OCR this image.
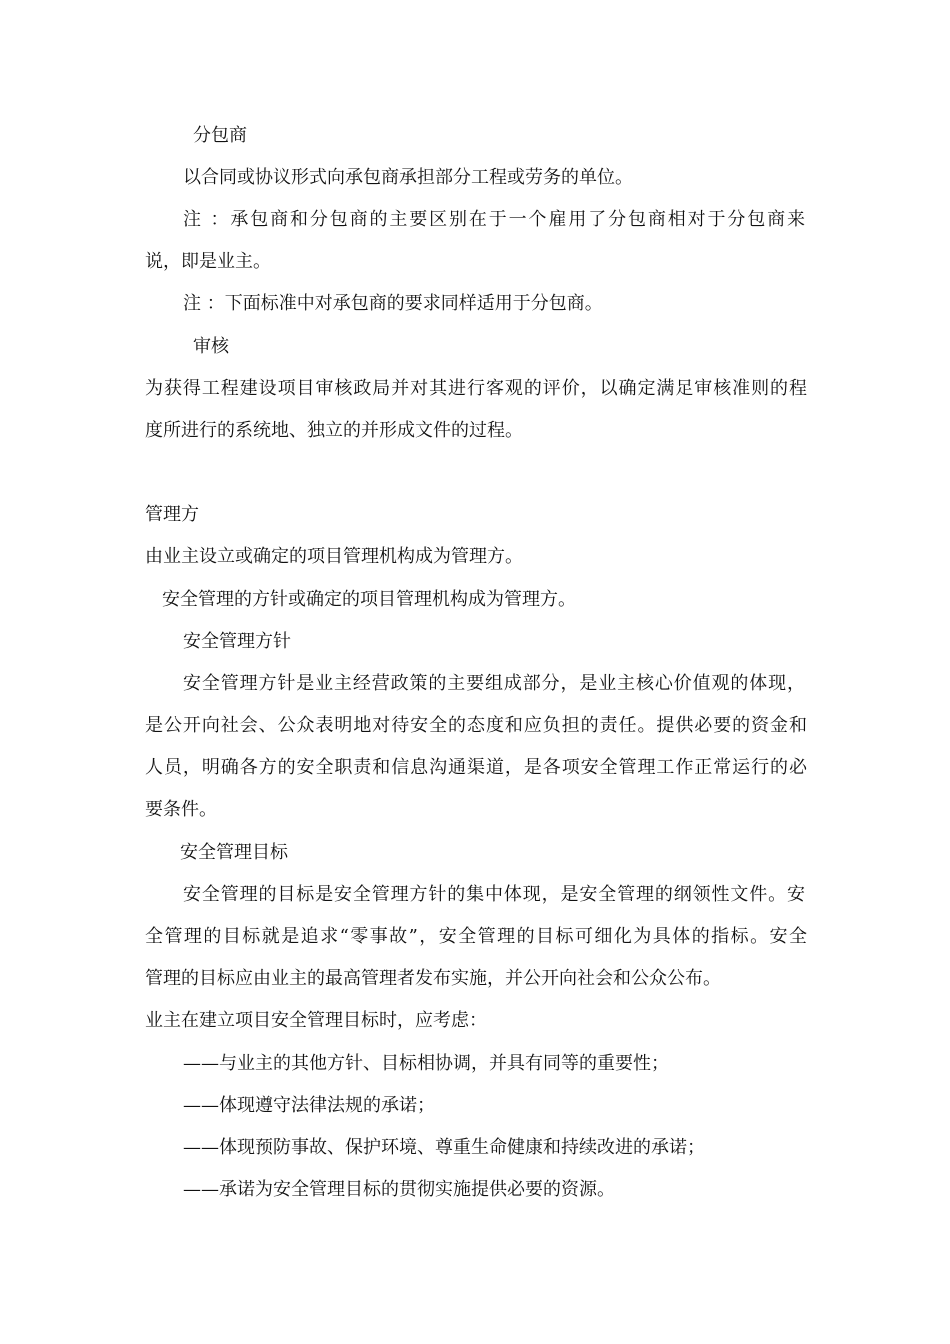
分包商
以合同或协议形式向承包商承担部分工程或劳务的单位。
注 ：承包商和分包商的主要区别在于一个雇用了分包商相对于分包商来
说，即是业主。
注 ：下面标准中对承包商的要求同样适用于分包商。
审核
为获得工程建设项目审核政局并对其进行客观的评价，以确定满足审核准则的程
度所进行的系统地、独立的并形成文件的过程。
管理方
由业主设立或确定的项目管理机构成为管理方。
安全管理的方针或确定的项目管理机构成为管理方。
安全管理方针
安全管理方针是业主经营政策的主要组成部分，是业主核心价值观的体现，
是公开向社会、公众表明地对待安全的态度和应负担的责任。提供必要的资金和
人员，明确各方的安全职责和信息沟通渠道，是各项安全管理工作正常运行的必
要条件。
安全管理目标
安全管理的目标是安全管理方针的集中体现，是安全管理的纲领性文件。安
全管理的目标就是追求“零事故”，安全管理的目标可细化为具体的指标。安全
管理的目标应由业主的最高管理者发布实施，并公开向社会和公众公布。
业主在建立项目安全管理目标时，应考虑：
——与业主的其他方针、目标相协调，并具有同等的重要性；
——体现遵守法律法规的承诺；
——体现预防事故、保护环境、尊重生命健康和持续改进的承诺；
——承诺为安全管理目标的贯彻实施提供必要的资源。
